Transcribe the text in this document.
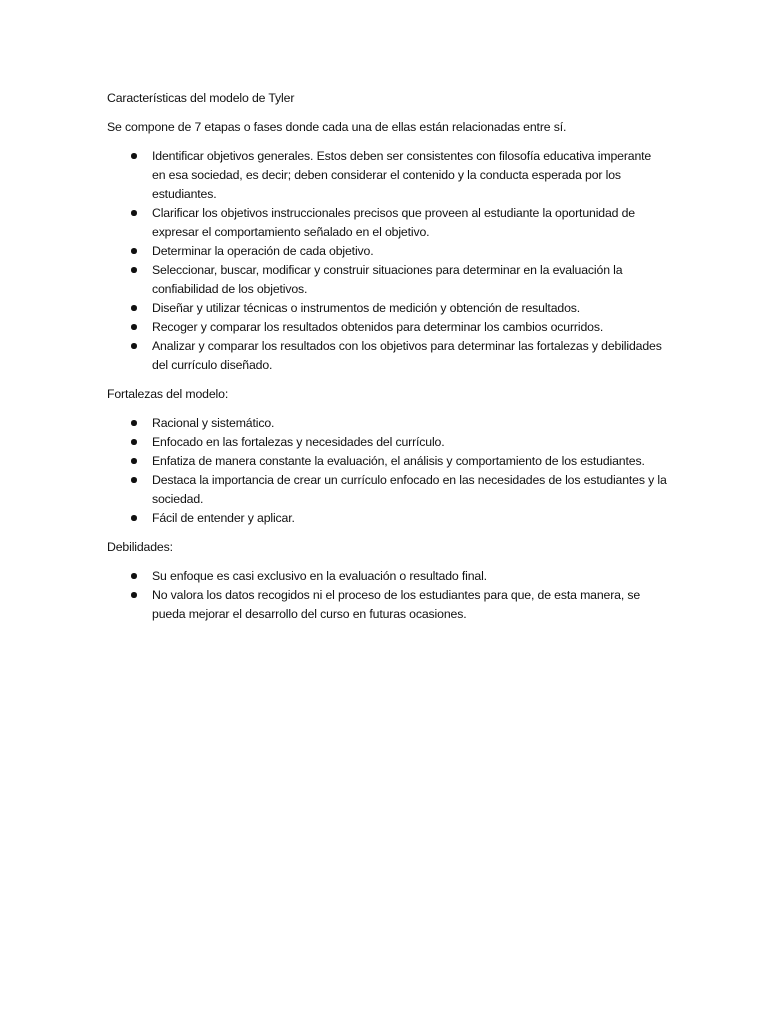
Características del modelo de Tyler

Se compone de 7 etapas o fases donde cada una de ellas están relacionadas entre sí.

Identificar objetivos generales. Estos deben ser consistentes con filosofía educativa imperante en esa sociedad, es decir; deben considerar el contenido y la conducta esperada por los estudiantes.
Clarificar los objetivos instruccionales precisos que proveen al estudiante la oportunidad de expresar el comportamiento señalado en el objetivo.
Determinar la operación de cada objetivo.
Seleccionar, buscar, modificar y construir situaciones para determinar en la evaluación la confiabilidad de los objetivos.
Diseñar y utilizar técnicas o instrumentos de medición y obtención de resultados.
Recoger y comparar los resultados obtenidos para determinar los cambios ocurridos.
Analizar y comparar los resultados con los objetivos para determinar las fortalezas y debilidades del currículo diseñado.

Fortalezas del modelo:

Racional y sistemático.
Enfocado en las fortalezas y necesidades del currículo.
Enfatiza de manera constante la evaluación, el análisis y comportamiento de los estudiantes.
Destaca la importancia de crear un currículo enfocado en las necesidades de los estudiantes y la sociedad.
Fácil de entender y aplicar.

Debilidades:

Su enfoque es casi exclusivo en la evaluación o resultado final.
No valora los datos recogidos ni el proceso de los estudiantes para que, de esta manera, se pueda mejorar el desarrollo del curso en futuras ocasiones.
